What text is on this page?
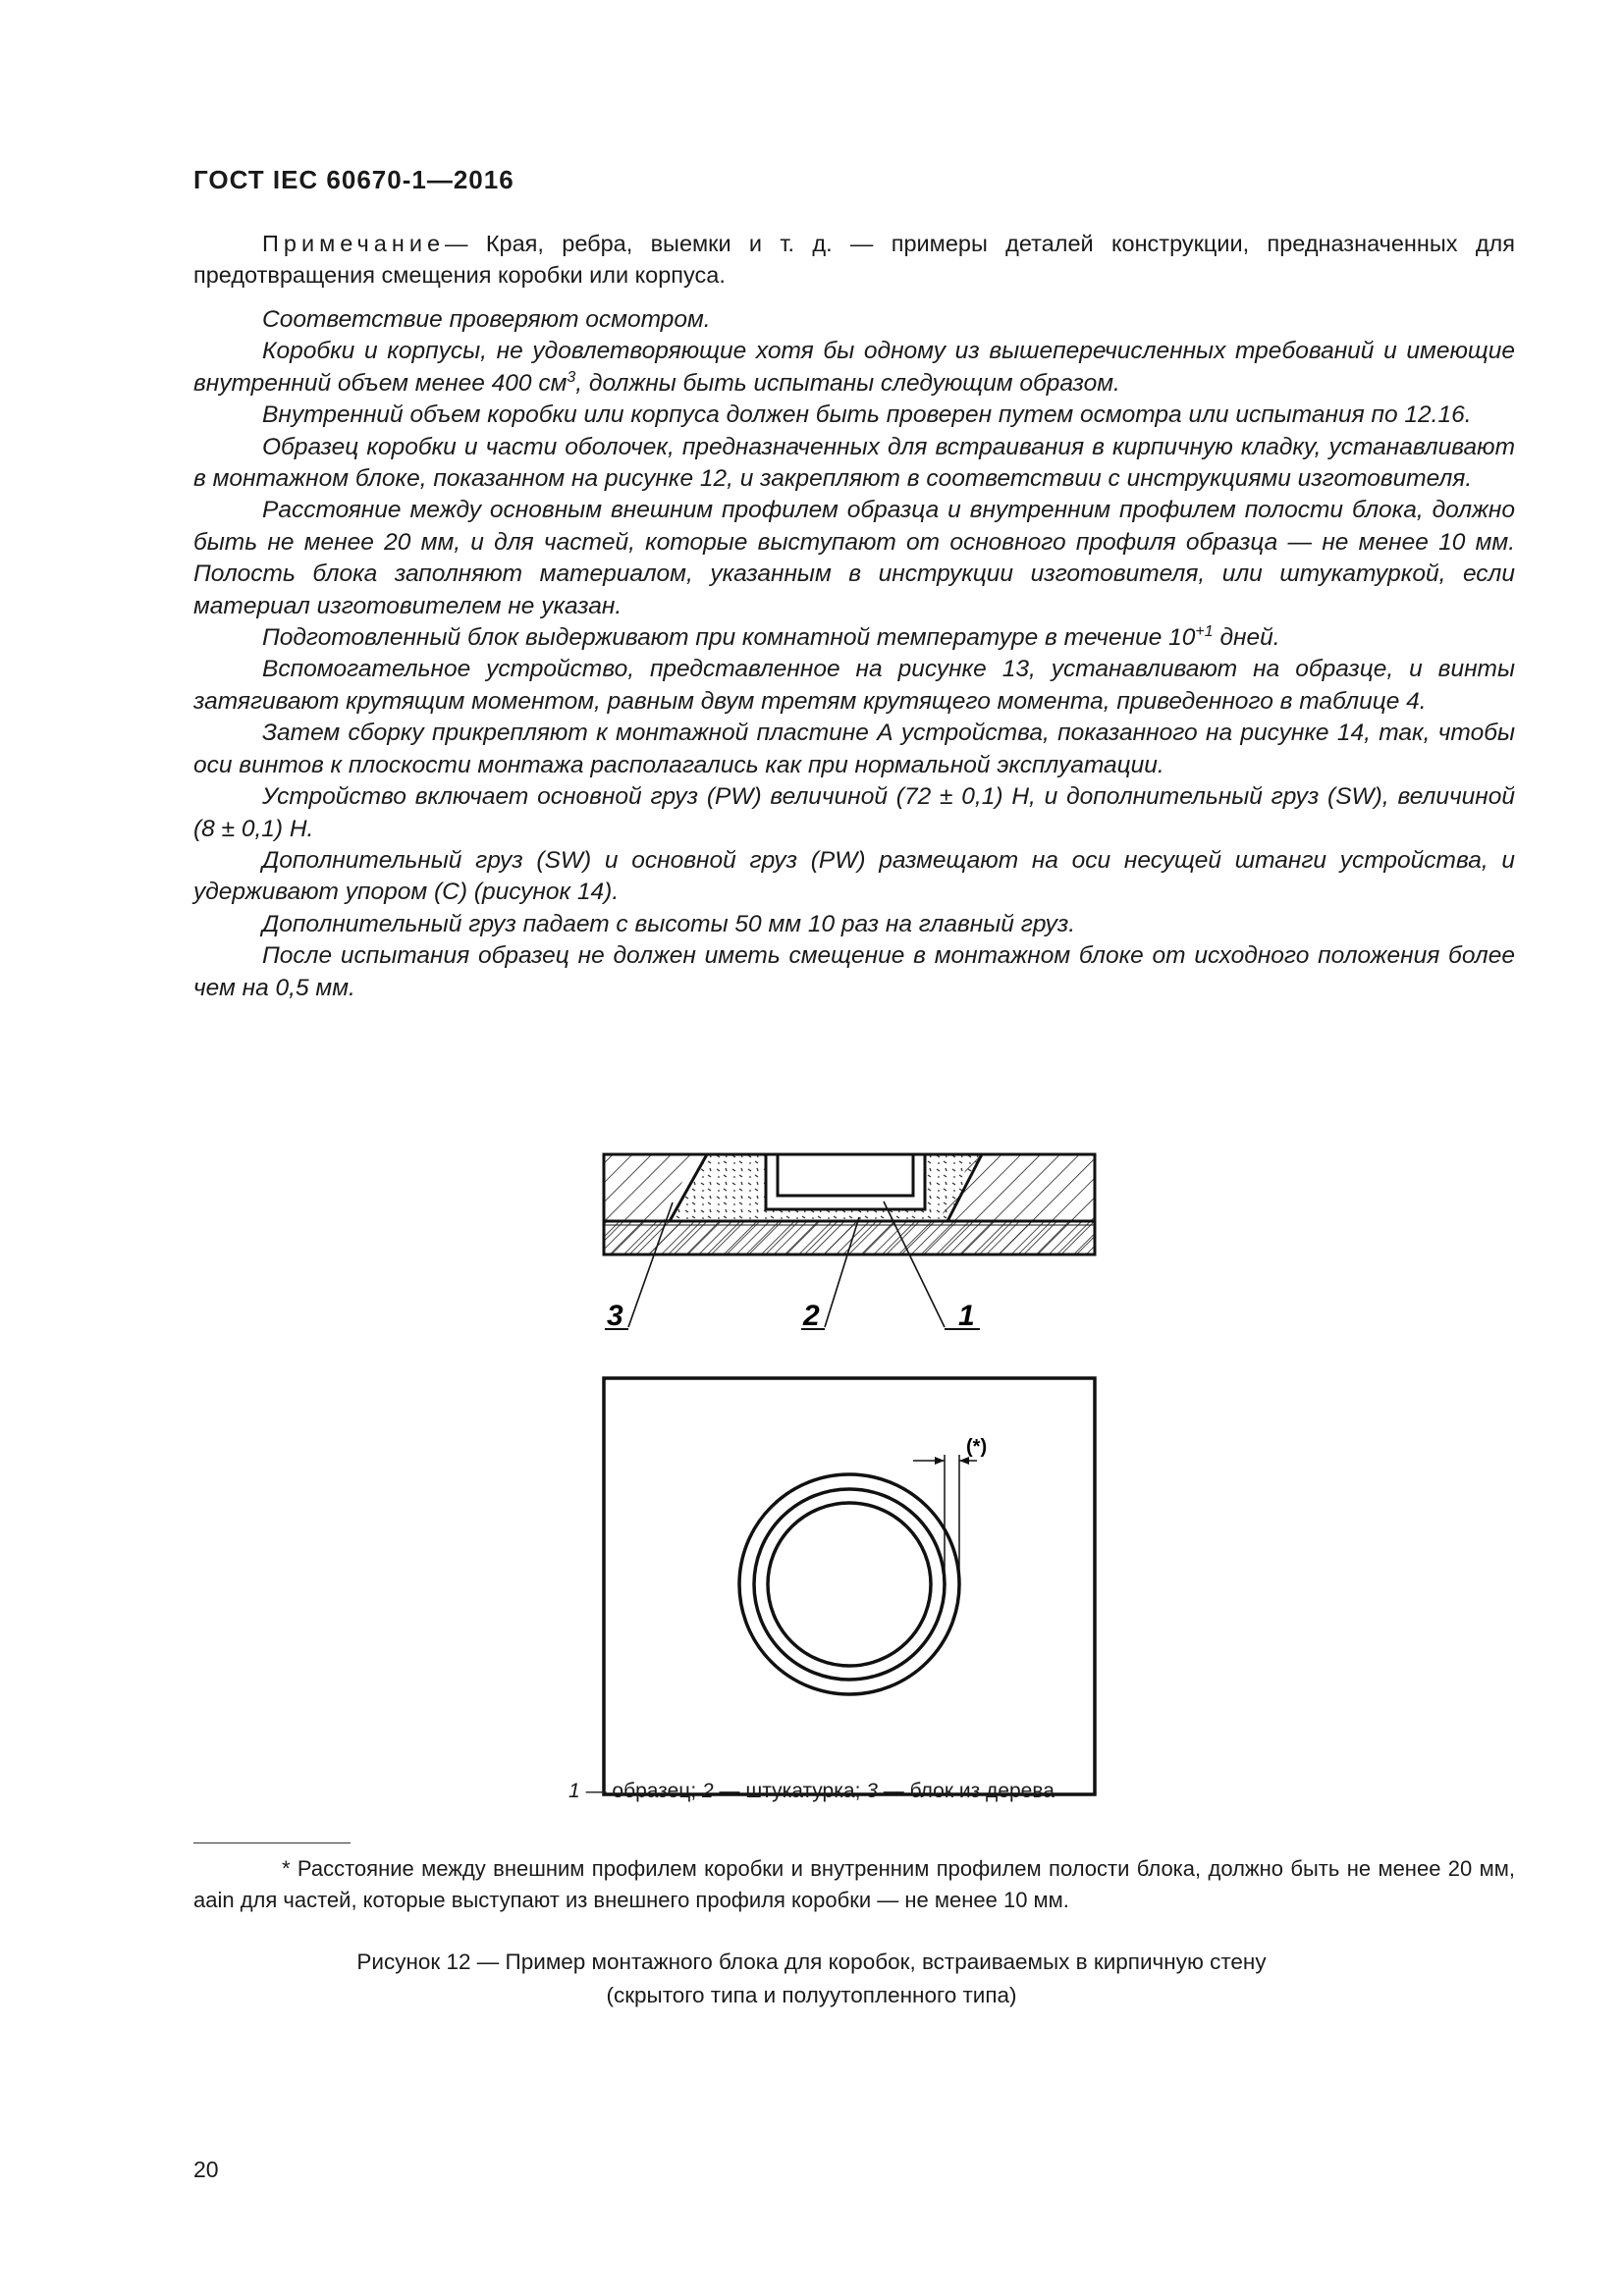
ГОСТ IEC 60670-1—2016

Примечание— Края, ребра, выемки и т. д. — примеры деталей конструкции, предназначенных для предотвращения смещения коробки или корпуса.

Соответствие проверяют осмотром.

Коробки и корпусы, не удовлетворяющие хотя бы одному из вышеперечисленных требований и имеющие внутренний объем менее 400 $см^3$, должны быть испытаны следующим образом.

Внутренний объем коробки или корпуса должен быть проверен путем осмотра или испытания по 12.16.

Образец коробки и части оболочек, предназначенных для встраивания в кирпичную кладку, устанавливают в монтажном блоке, показанном на рисунке 12, и закрепляют в соответствии с инструкциями изготовителя.

Расстояние между основным внешним профилем образца и внутренним профилем полости блока, должно быть не менее 20 мм, и для частей, которые выступают от основного профиля образца — не менее 10 мм. Полость блока заполняют материалом, указанным в инструкции изготовителя, или штукатуркой, если материал изготовителем не указан.

Подготовленный блок выдерживают при комнатной температуре в течение $10^{+1}$ дней.

Вспомогательное устройство, представленное на рисунке 13, устанавливают на образце, и винты затягивают крутящим моментом, равным двум третям крутящего момента, приведенного в таблице 4.

Затем сборку прикрепляют к монтажной пластине А устройства, показанного на рисунке 14, так, чтобы оси винтов к плоскости монтажа располагались как при нормальной эксплуатации.

Устройство включает основной груз (PW) величиной (72 ± 0,1) Н, и дополнительный груз (SW), величиной (8 ± 0,1) Н.

Дополнительный груз (SW) и основной груз (PW) размещают на оси несущей штанги устройства, и удерживают упором (С) (рисунок 14).

Дополнительный груз падает с высоты 50 мм 10 раз на главный груз.

После испытания образец не должен иметь смещение в монтажном блоке от исходного положения более чем на 0,5 мм.

3	2	1
(*)
1 — образец; 2 — штукатурка; 3 — блок из дерева
* Расстояние между внешним профилем коробки и внутренним профилем полости блока, должно быть не менее 20 мм, aain для частей, которые выступают из внешнего профиля коробки — не менее 10 мм.
Рисунок 12 — Пример монтажного блока для коробок, встраиваемых в кирпичную стену
(скрытого типа и полуутопленного типа)
20
